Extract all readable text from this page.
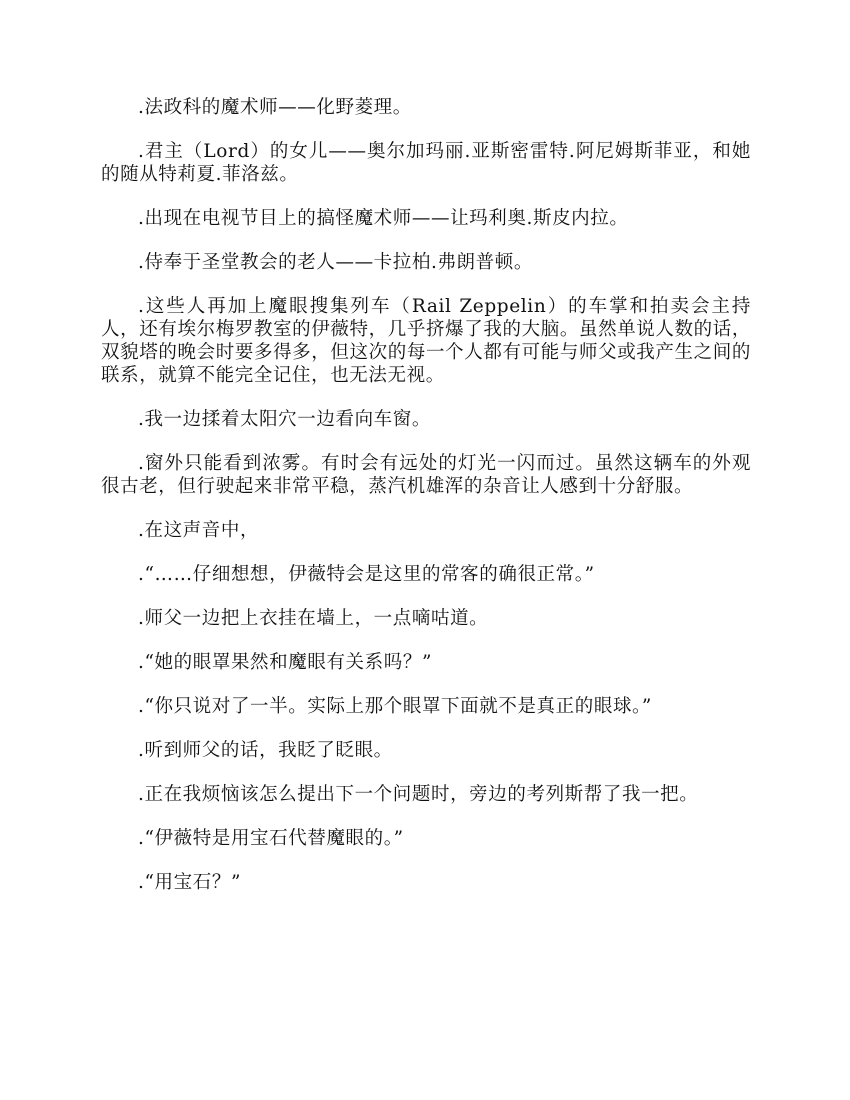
.法政科的魔术师——化野菱理。

.君主（Lord）的女儿——奥尔加玛丽.亚斯密雷特.阿尼姆斯菲亚，和她的随从特莉夏.菲洛兹。

.出现在电视节目上的搞怪魔术师——让玛利奥.斯皮内拉。

.侍奉于圣堂教会的老人——卡拉柏.弗朗普顿。

.这些人再加上魔眼搜集列车（Rail Zeppelin）的车掌和拍卖会主持人，还有埃尔梅罗教室的伊薇特，几乎挤爆了我的大脑。虽然单说人数的话，双貌塔的晚会时要多得多，但这次的每一个人都有可能与师父或我产生之间的联系，就算不能完全记住，也无法无视。

.我一边揉着太阳穴一边看向车窗。

.窗外只能看到浓雾。有时会有远处的灯光一闪而过。虽然这辆车的外观很古老，但行驶起来非常平稳，蒸汽机雄浑的杂音让人感到十分舒服。

.在这声音中，

.“……仔细想想，伊薇特会是这里的常客的确很正常。”

.师父一边把上衣挂在墙上，一点嘀咕道。

.“她的眼罩果然和魔眼有关系吗？”

.“你只说对了一半。实际上那个眼罩下面就不是真正的眼球。”

.听到师父的话，我眨了眨眼。

.正在我烦恼该怎么提出下一个问题时，旁边的考列斯帮了我一把。

.“伊薇特是用宝石代替魔眼的。”

.“用宝石？”
